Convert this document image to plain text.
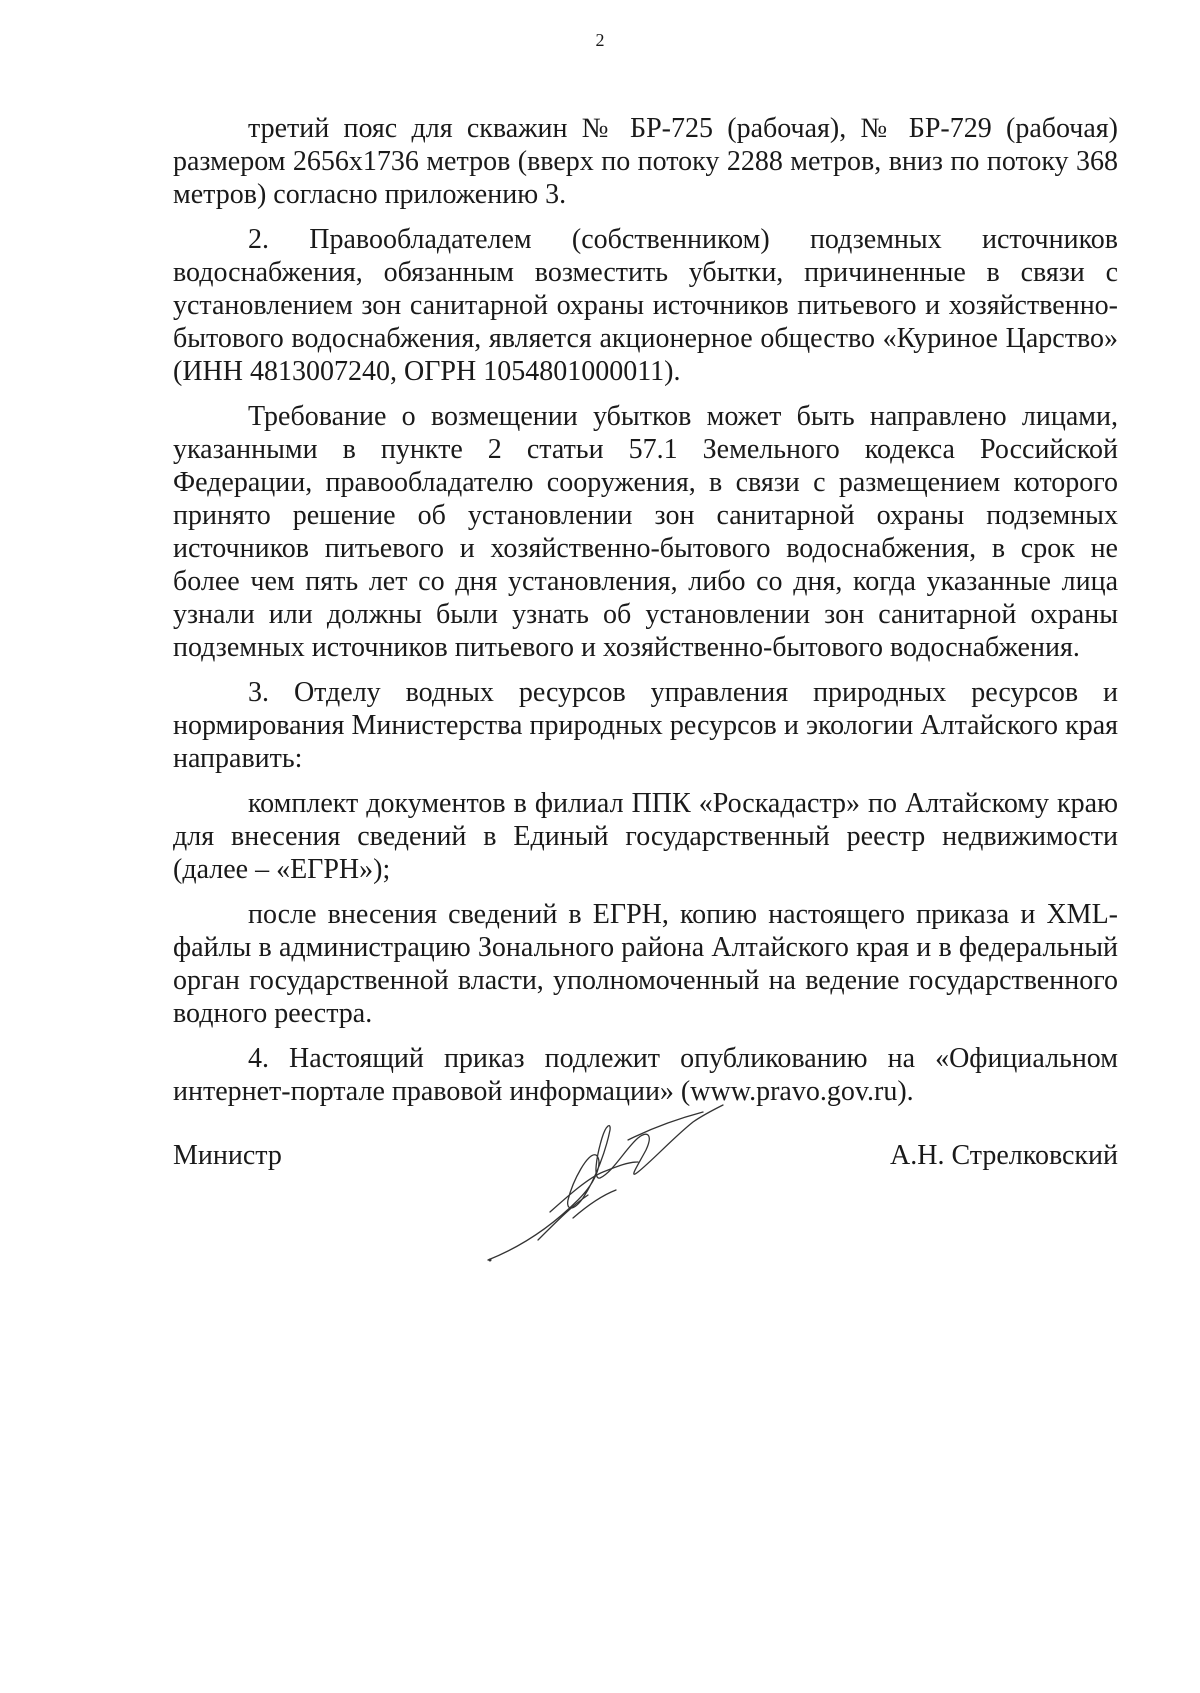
2

третий пояс для скважин № БР-725 (рабочая), № БР-729 (рабочая) размером 2656х1736 метров (вверх по потоку 2288 метров, вниз по потоку 368 метров) согласно приложению 3.

2. Правообладателем (собственником) подземных источников водоснабжения, обязанным возместить убытки, причиненные в связи с установлением зон санитарной охраны источников питьевого и хозяйственно-бытового водоснабжения, является акционерное общество «Куриное Царство» (ИНН 4813007240, ОГРН 1054801000011).

Требование о возмещении убытков может быть направлено лицами, указанными в пункте 2 статьи 57.1 Земельного кодекса Российской Федерации, правообладателю сооружения, в связи с размещением которого принято решение об установлении зон санитарной охраны подземных источников питьевого и хозяйственно-бытового водоснабжения, в срок не более чем пять лет со дня установления, либо со дня, когда указанные лица узнали или должны были узнать об установлении зон санитарной охраны подземных источников питьевого и хозяйственно-бытового водоснабжения.

3. Отделу водных ресурсов управления природных ресурсов и нормирования Министерства природных ресурсов и экологии Алтайского края направить:

комплект документов в филиал ППК «Роскадастр» по Алтайскому краю для внесения сведений в Единый государственный реестр недвижимости (далее – «ЕГРН»);

после внесения сведений в ЕГРН, копию настоящего приказа и XML-файлы в администрацию Зонального района Алтайского края и в федеральный орган государственной власти, уполномоченный на ведение государственного водного реестра.

4. Настоящий приказ подлежит опубликованию на «Официальном интернет-портале правовой информации» (www.pravo.gov.ru).

Министр	А.Н. Стрелковский
